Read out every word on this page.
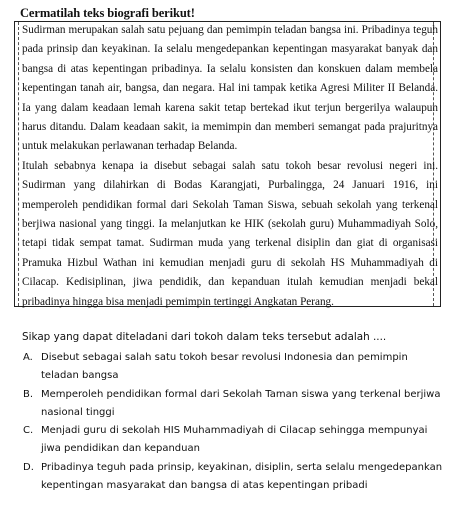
Cermatilah teks biografi berikut!

Sudirman merupakan salah satu pejuang dan pemimpin teladan bangsa ini. Pribadinya teguh pada prinsip dan keyakinan. Ia selalu mengedepankan kepentingan masyarakat banyak dan bangsa di atas kepentingan pribadinya. Ia selalu konsisten dan konskuen dalam membela kepentingan tanah air, bangsa, dan negara. Hal ini tampak ketika Agresi Militer II Belanda. Ia yang dalam keadaan lemah karena sakit tetap bertekad ikut terjun bergerilya walaupun harus ditandu. Dalam keadaan sakit, ia memimpin dan memberi semangat pada prajuritnya untuk melakukan perlawanan terhadap Belanda.

Itulah sebabnya kenapa ia disebut sebagai salah satu tokoh besar revolusi negeri ini. Sudirman yang dilahirkan di Bodas Karangjati, Purbalingga, 24 Januari 1916, ini memperoleh pendidikan formal dari Sekolah Taman Siswa, sebuah sekolah yang terkenal berjiwa nasional yang tinggi. Ia melanjutkan ke HIK (sekolah guru) Muhammadiyah Solo, tetapi tidak sempat tamat. Sudirman muda yang terkenal disiplin dan giat di organisasi Pramuka Hizbul Wathan ini kemudian menjadi guru di sekolah HS Muhammadiyah di Cilacap. Kedisiplinan, jiwa pendidik, dan kepanduan itulah kemudian menjadi bekal pribadinya hingga bisa menjadi pemimpin tertinggi Angkatan Perang.

Sikap yang dapat diteladani dari tokoh dalam teks tersebut adalah ....

A. Disebut sebagai salah satu tokoh besar revolusi Indonesia dan pemimpin teladan bangsa
B. Memperoleh pendidikan formal dari Sekolah Taman siswa yang terkenal berjiwa nasional tinggi
C. Menjadi guru di sekolah HIS Muhammadiyah di Cilacap sehingga mempunyai jiwa pendidikan dan kepanduan
D. Pribadinya teguh pada prinsip, keyakinan, disiplin, serta selalu mengedepankan kepentingan masyarakat dan bangsa di atas kepentingan pribadi
